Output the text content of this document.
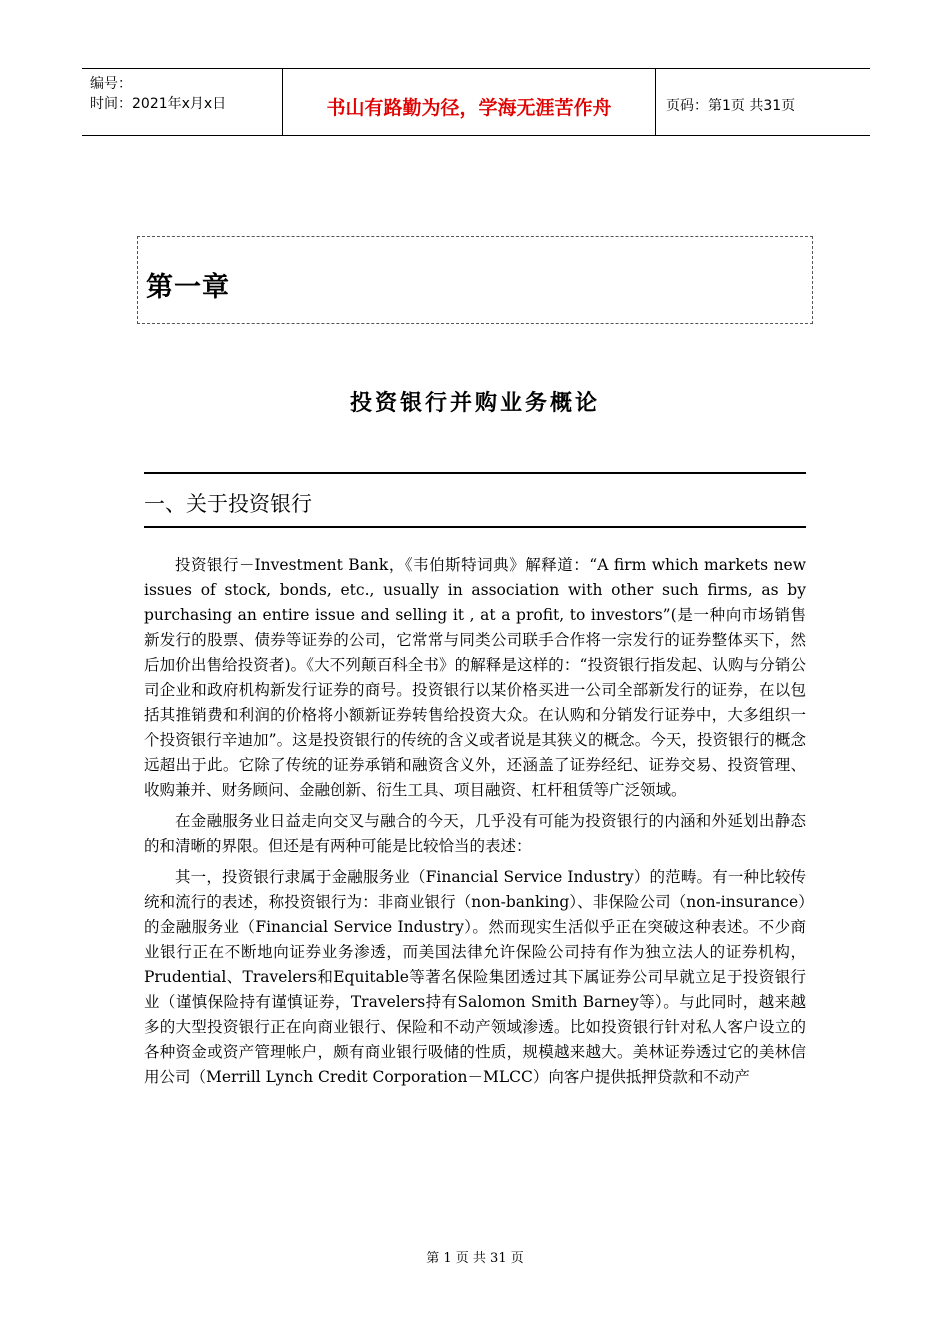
编号：
时间：2021年x月x日	书山有路勤为径，学海无涯苦作舟	页码：第1页 共31页
第一章
投资银行并购业务概论
一、关于投资银行

投资银行－Investment Bank，《韦伯斯特词典》解释道：“A firm which markets new issues of stock, bonds, etc., usually in association with other such firms, as by purchasing an entire issue and selling it , at a profit, to investors”(是一种向市场销售新发行的股票、债券等证券的公司，它常常与同类公司联手合作将一宗发行的证券整体买下，然后加价出售给投资者)。《大不列颠百科全书》的解释是这样的：“投资银行指发起、认购与分销公司企业和政府机构新发行证券的商号。投资银行以某价格买进一公司全部新发行的证券，在以包括其推销费和利润的价格将小额新证券转售给投资大众。在认购和分销发行证券中，大多组织一个投资银行辛迪加”。这是投资银行的传统的含义或者说是其狭义的概念。今天，投资银行的概念远超出于此。它除了传统的证券承销和融资含义外，还涵盖了证券经纪、证券交易、投资管理、收购兼并、财务顾问、金融创新、衍生工具、项目融资、杠杆租赁等广泛领域。

在金融服务业日益走向交叉与融合的今天，几乎没有可能为投资银行的内涵和外延划出静态的和清晰的界限。但还是有两种可能是比较恰当的表述：

其一，投资银行隶属于金融服务业（Financial Service Industry）的范畴。有一种比较传统和流行的表述，称投资银行为：非商业银行（non-banking）、非保险公司（non-insurance）的金融服务业（Financial Service Industry）。然而现实生活似乎正在突破这种表述。不少商业银行正在不断地向证券业务渗透，而美国法律允许保险公司持有作为独立法人的证券机构，Prudential、Travelers和Equitable等著名保险集团透过其下属证券公司早就立足于投资银行业（谨慎保险持有谨慎证券，Travelers持有Salomon Smith Barney等）。与此同时，越来越多的大型投资银行正在向商业银行、保险和不动产领域渗透。比如投资银行针对私人客户设立的各种资金或资产管理帐户，颇有商业银行吸储的性质，规模越来越大。美林证券透过它的美林信用公司（Merrill Lynch Credit Corporation－MLCC）向客户提供抵押贷款和不动产

第 1 页 共 31 页
